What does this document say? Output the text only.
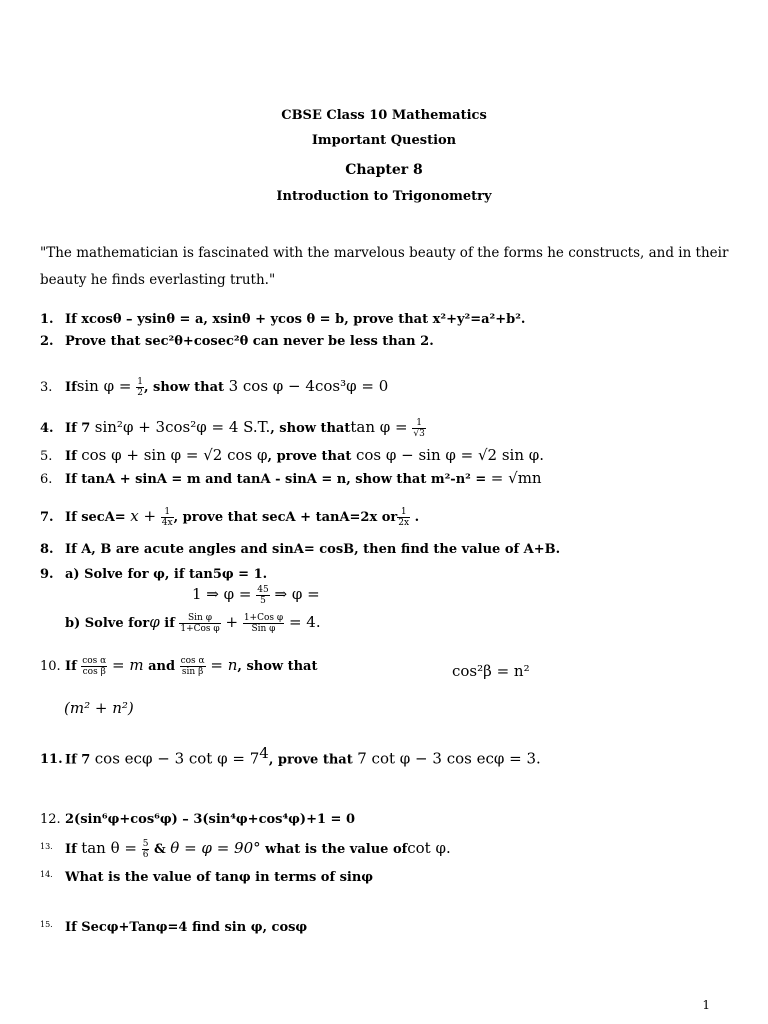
CBSE Class 10 Mathematics
Important Question
Chapter 8
Introduction to Trigonometry
"The mathematician is fascinated with the marvelous beauty of the forms he constructs, and in their beauty he finds everlasting truth."
1. If xcosθ – ysinθ = a, xsinθ + ycos θ = b, prove that x²+y²=a²+b².
2. Prove that sec²θ+cosec²θ can never be less than 2.
3. Ifsin $\varphi = \frac{1}{2}$ , show that 3 cos φ − 4cos³φ = 0
4. If 7 sin²φ + 3cos²φ = 4 S.T., show thattan $\varphi = \frac{1}{√3}$
5. If cos φ + sin φ = √2 cos φ, prove that cos φ − sin φ = √2 sin φ.
6. If tanA + sinA = m and tanA - sinA = n, show that m²-n² = = √mn
7. If $\sec A= x + \frac{1}{4x}$ , prove that secA + tanA=2x or $\frac{1}{2x}$ .
8. If A, B are acute angles and sinA= cosB, then find the value of A+B.
9. a) Solve for φ, if tan5φ = 1.
1 ⇒ $\varphi = \frac{45}{5}$ ⇒ φ =
b) Solve forφ if $\frac{\text{Sin φ}}{\text{1+Cos φ}} + \frac{\text{1+Cos φ}}{\text{Sin φ}} = 4$.
10. If $\frac{\text{cos α}}{\text{cos β}} = m$ and $\frac{\text{cos α}}{\text{sin β}} = n$, show that	cos²β = n²
(m² + n²)
11. If 7 cos ecφ − 3 $\cot \varphi = 7^4$, prove that 7 cot φ − 3 cos ecφ = 3.
12. 2(sin⁶φ+cos⁶φ) – 3(sin⁴φ+cos⁴φ)+1 = 0
13. If $\tan \theta = \frac{5}{6}$ & θ = φ = 90° what is the value ofcot φ.
14. What is the value of tanφ in terms of sinφ
15. If Secφ+Tanφ=4 find sin φ, cosφ
1
